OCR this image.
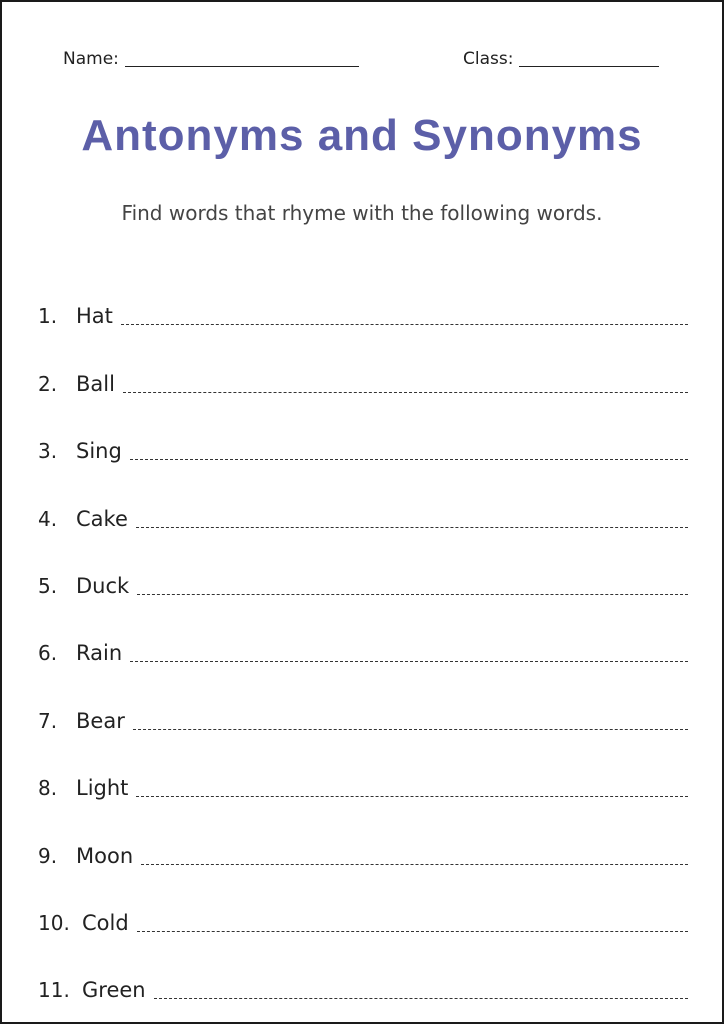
Name:	Class:
Antonyms and Synonyms
Find words that rhyme with the following words.
1. Hat
2. Ball
3. Sing
4. Cake
5. Duck
6. Rain
7. Bear
8. Light
9. Moon
10. Cold
11. Green
